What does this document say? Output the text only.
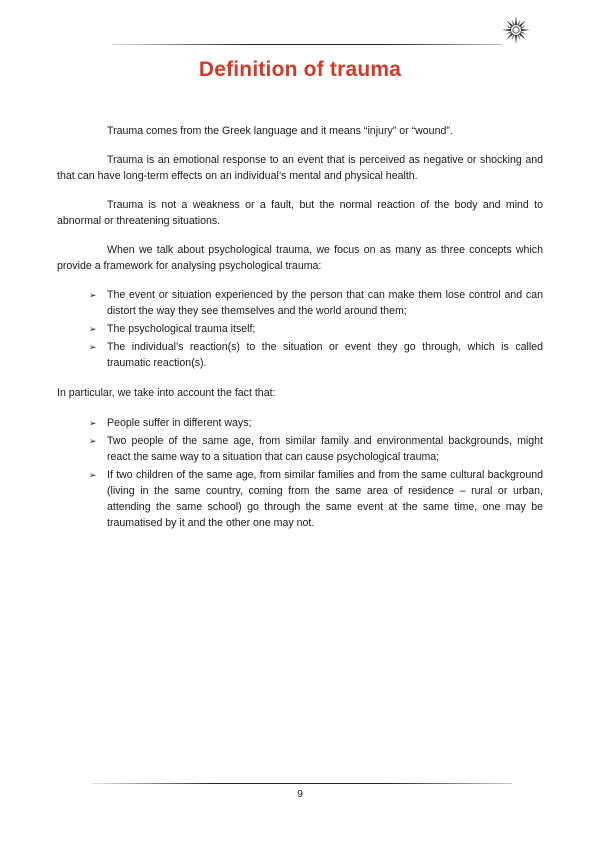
Definition of trauma

Trauma comes from the Greek language and it means “injury” or “wound”.

Trauma is an emotional response to an event that is perceived as negative or shocking and that can have long-term effects on an individual’s mental and physical health.

Trauma is not a weakness or a fault, but the normal reaction of the body and mind to abnormal or threatening situations.

When we talk about psychological trauma, we focus on as many as three concepts which provide a framework for analysing psychological trauma:

➢ The event or situation experienced by the person that can make them lose control and can distort the way they see themselves and the world around them;
➢ The psychological trauma itself;
➢ The individual’s reaction(s) to the situation or event they go through, which is called traumatic reaction(s).

In particular, we take into account the fact that:

➢ People suffer in different ways;
➢ Two people of the same age, from similar family and environmental backgrounds, might react the same way to a situation that can cause psychological trauma;
➢ If two children of the same age, from similar families and from the same cultural background (living in the same country, coming from the same area of residence – rural or urban, attending the same school) go through the same event at the same time, one may be traumatised by it and the other one may not.
9
